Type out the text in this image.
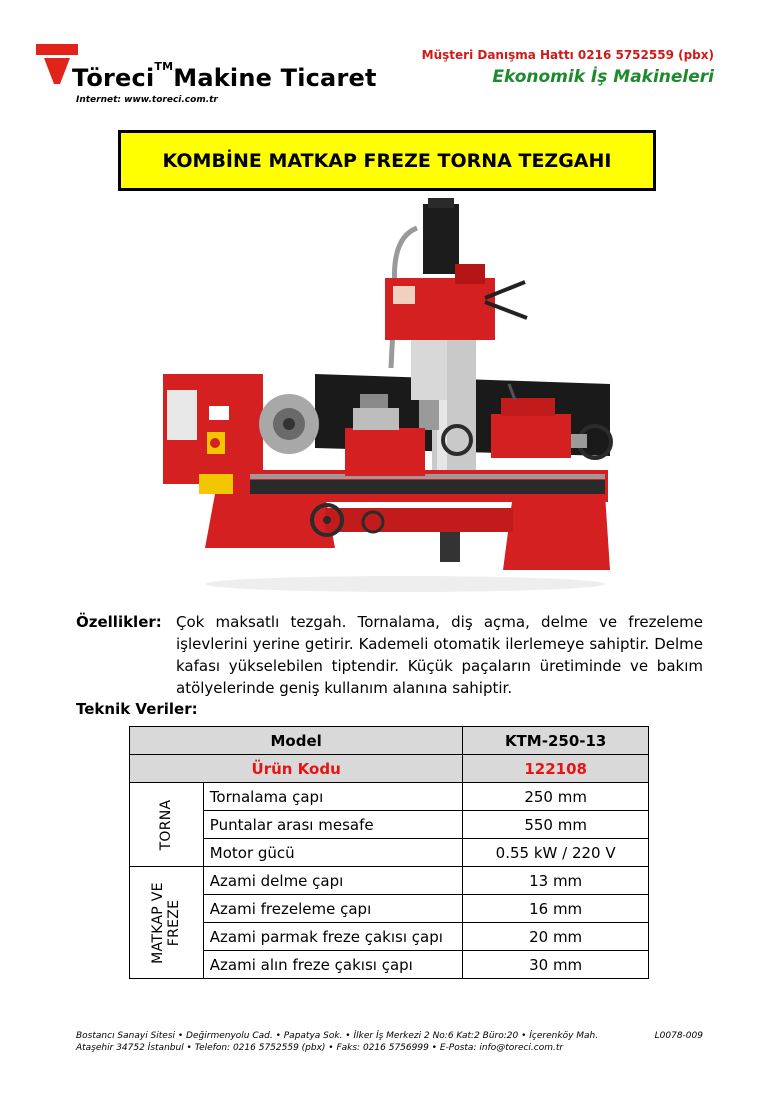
Töreci™Makine Ticaret
Internet: www.toreci.com.tr
Müşteri Danışma Hattı 0216 5752559 (pbx)
Ekonomik İş Makineleri
KOMBİNE MATKAP FREZE TORNA TEZGAHI
Özellikler: Çok maksatlı tezgah. Tornalama, diş açma, delme ve frezeleme işlevlerini yerine getirir. Kademeli otomatik ilerlemeye sahiptir. Delme kafası yükselebilen tiptendir. Küçük paçaların üretiminde ve bakım atölyelerinde geniş kullanım alanına sahiptir.
Teknik Veriler:
Model		KTM-250-13
Ürün Kodu		122108

TORNA	Tornalama çapı	250 mm
	Puntalar arası mesafe	550 mm
	Motor gücü	0.55 kW / 220 V

MATKAP VE FREZE	Azami delme çapı	13 mm
	Azami frezeleme çapı	16 mm
	Azami parmak freze çakısı çapı	20 mm
	Azami alın freze çakısı çapı	30 mm
Bostancı Sanayi Sitesi • Değirmenyolu Cad. • Papatya Sok. • İlker İş Merkezi 2 No:6 Kat:2 Büro:20 • İçerenköy Mah.
Ataşehir 34752 İstanbul • Telefon: 0216 5752559 (pbx) • Faks: 0216 5756999 • E-Posta: info@toreci.com.tr
L0078-009
